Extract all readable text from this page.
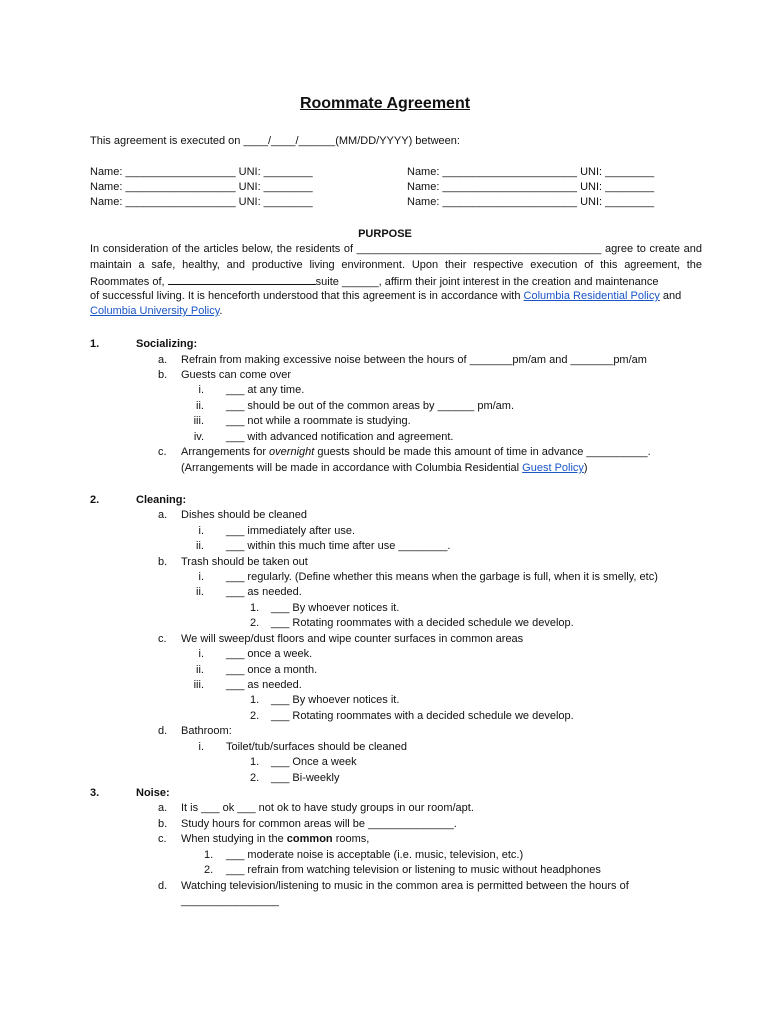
Roommate Agreement
This agreement is executed on ____/____/______(MM/DD/YYYY) between:
Name: __________________ UNI: ________
Name: __________________ UNI: ________
Name: __________________ UNI: ________
Name: ______________________ UNI: ________
Name: ______________________ UNI: ________
Name: ______________________ UNI: ________
PURPOSE
In consideration of the articles below, the residents of ________________________________________ agree to create and
maintain a safe, healthy, and productive living environment. Upon their respective execution of this agreement, the
Roommates of,	suite ______, affirm their joint interest in the creation and maintenance
of successful living. It is henceforth understood that this agreement is in accordance with Columbia Residential Policy and
Columbia University Policy.
1.	Socializing:
a. Refrain from making excessive noise between the hours of _______pm/am and _______pm/am
b. Guests can come over
i. ___ at any time.
ii. ___ should be out of the common areas by ______ pm/am.
iii. ___ not while a roommate is studying.
iv. ___ with advanced notification and agreement.
c. Arrangements for overnight guests should be made this amount of time in advance __________.
(Arrangements will be made in accordance with Columbia Residential Guest Policy)
2.	Cleaning:
a. Dishes should be cleaned
i. ___ immediately after use.
ii. ___ within this much time after use ________.
b. Trash should be taken out
i. ___ regularly. (Define whether this means when the garbage is full, when it is smelly, etc)
ii. ___ as needed.
1. ___ By whoever notices it.
2. ___ Rotating roommates with a decided schedule we develop.
c. We will sweep/dust floors and wipe counter surfaces in common areas
i. ___ once a week.
ii. ___ once a month.
iii. ___ as needed.
1. ___ By whoever notices it.
2. ___ Rotating roommates with a decided schedule we develop.
d. Bathroom:
i. Toilet/tub/surfaces should be cleaned
1. ___ Once a week
2. ___ Bi-weekly
3.	Noise:
a. It is ___ ok ___ not ok to have study groups in our room/apt.
b. Study hours for common areas will be ______________.
c. When studying in the common rooms,
1. ___ moderate noise is acceptable (i.e. music, television, etc.)
2. ___ refrain from watching television or listening to music without headphones
d. Watching television/listening to music in the common area is permitted between the hours of
________________
